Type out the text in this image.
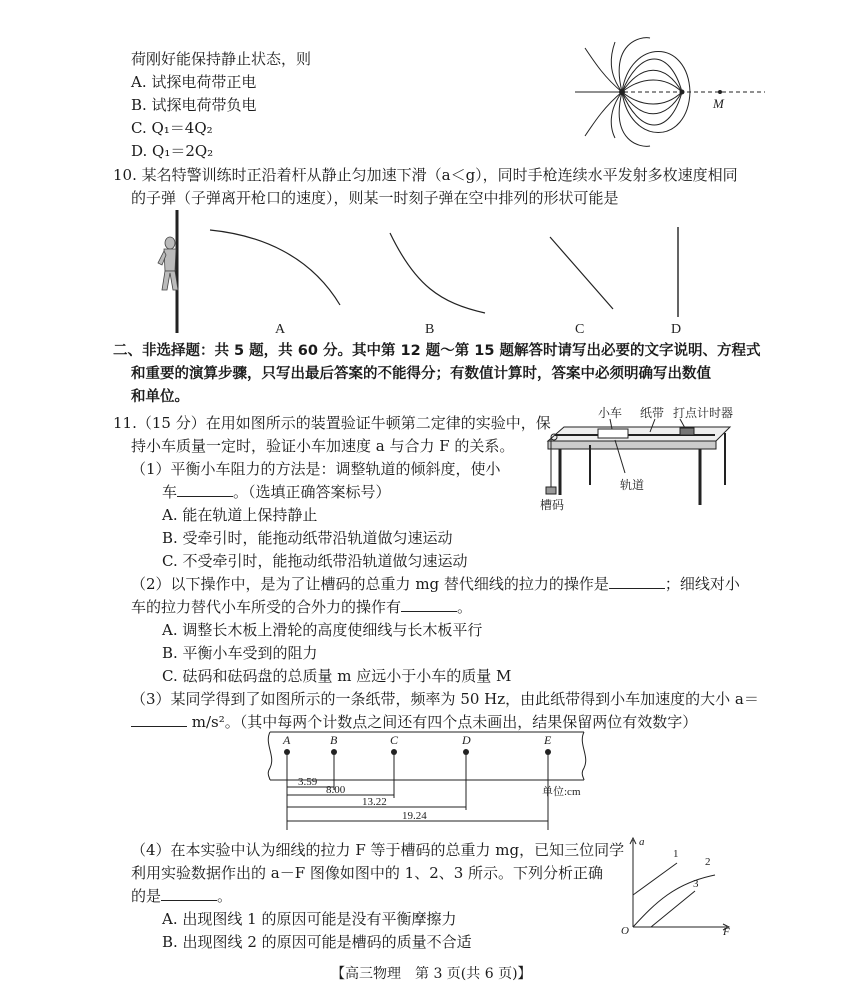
荷刚好能保持静止状态，则
A. 试探电荷带正电
B. 试探电荷带负电
C. Q₁＝4Q₂
D. Q₁＝2Q₂
M
10. 某名特警训练时正沿着杆从静止匀加速下滑（a＜g），同时手枪连续水平发射多枚速度相同
的子弹（子弹离开枪口的速度），则某一时刻子弹在空中排列的形状可能是
A	B	C	D
二、非选择题：共 5 题，共 60 分。其中第 12 题～第 15 题解答时请写出必要的文字说明、方程式
和重要的演算步骤，只写出最后答案的不能得分；有数值计算时，答案中必须明确写出数值
和单位。
11.（15 分）在用如图所示的装置验证牛顿第二定律的实验中，保
持小车质量一定时，验证小车加速度 a 与合力 F 的关系。
（1）平衡小车阻力的方法是：调整轨道的倾斜度，使小
车	。（选填正确答案标号）
A. 能在轨道上保持静止
B. 受牵引时，能拖动纸带沿轨道做匀速运动
C. 不受牵引时，能拖动纸带沿轨道做匀速运动
小车 纸带 打点计时器
轨道
槽码
（2）以下操作中，是为了让槽码的总重力 mg 替代细线的拉力的操作是	；细线对小
车的拉力替代小车所受的合外力的操作有	。
A. 调整长木板上滑轮的高度使细线与长木板平行
B. 平衡小车受到的阻力
C. 砝码和砝码盘的总质量 m 应远小于小车的质量 M
（3）某同学得到了如图所示的一条纸带，频率为 50 Hz，由此纸带得到小车加速度的大小 a＝
m/s²。（其中每两个计数点之间还有四个点未画出，结果保留两位有效数字）
A	B	C	D	E
3.59
8.00
13.22
19.24
单位:cm
（4）在本实验中认为细线的拉力 F 等于槽码的总重力 mg，已知三位同学
利用实验数据作出的 a－F 图像如图中的 1、2、3 所示。下列分析正确
的是	。
A. 出现图线 1 的原因可能是没有平衡摩擦力
B. 出现图线 2 的原因可能是槽码的质量不合适
a
F
O
1
2
3
【高三物理　第 3 页(共 6 页)】
